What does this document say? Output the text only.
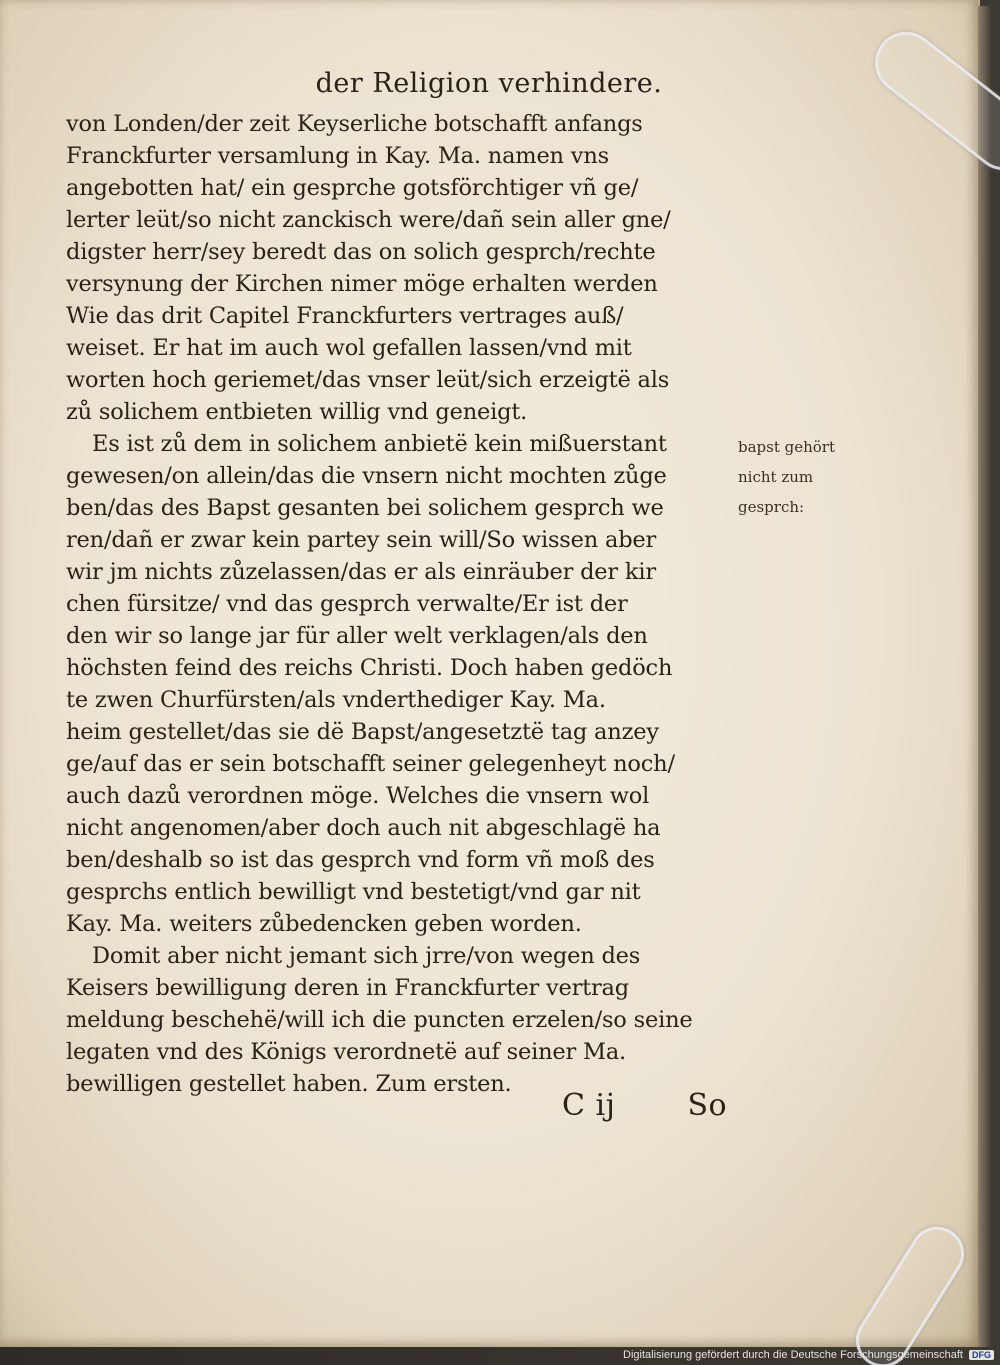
der Religion verhindere.
von Londen/der zeit Keyserliche botschafft anfangs
Franckfurter versamlung in Kay. Ma. namen vns
angebotten hat/ ein gesprche gotsförchtiger vñ ge/
lerter leüt/so nicht zanckisch were/dañ sein aller gne/
digster herr/sey beredt das on solich gesprch/rechte
versynung der Kirchen nimer möge erhalten werden
Wie das drit Capitel Franckfurters vertrages auß/
weiset. Er hat im auch wol gefallen lassen/vnd mit
worten hoch geriemet/das vnser leüt/sich erzeigtë als
zů solichem entbieten willig vnd geneigt.
Es ist zů dem in solichem anbietë kein mißuerstant
gewesen/on allein/das die vnsern nicht mochten zůge
ben/das des Bapst gesanten bei solichem gesprch we
ren/dañ er zwar kein partey sein will/So wissen aber
wir jm nichts zůzelassen/das er als einräuber der kir
chen fürsitze/ vnd das gesprch verwalte/Er ist der
den wir so lange jar für aller welt verklagen/als den
höchsten feind des reichs Christi. Doch haben gedöch
te zwen Churfürsten/als vnderthediger Kay. Ma.
heim gestellet/das sie dë Bapst/angesetztë tag anzey
ge/auf das er sein botschafft seiner gelegenheyt noch/
auch dazů verordnen möge. Welches die vnsern wol
nicht angenomen/aber doch auch nit abgeschlagë ha
ben/deshalb so ist das gesprch vnd form vñ moß des
gesprchs entlich bewilligt vnd bestetigt/vnd gar nit
Kay. Ma. weiters zůbedencken geben worden.
Domit aber nicht jemant sich jrre/von wegen des
Keisers bewilligung deren in Franckfurter vertrag
meldung beschehë/will ich die puncten erzelen/so seine
legaten vnd des Königs verordnetë auf seiner Ma.
bewilligen gestellet haben. Zum ersten.
bapst gehört
nicht zum
gesprch:
C ij So
Digitalisierung gefördert durch die Deutsche Forschungsgemeinschaft	DFG
